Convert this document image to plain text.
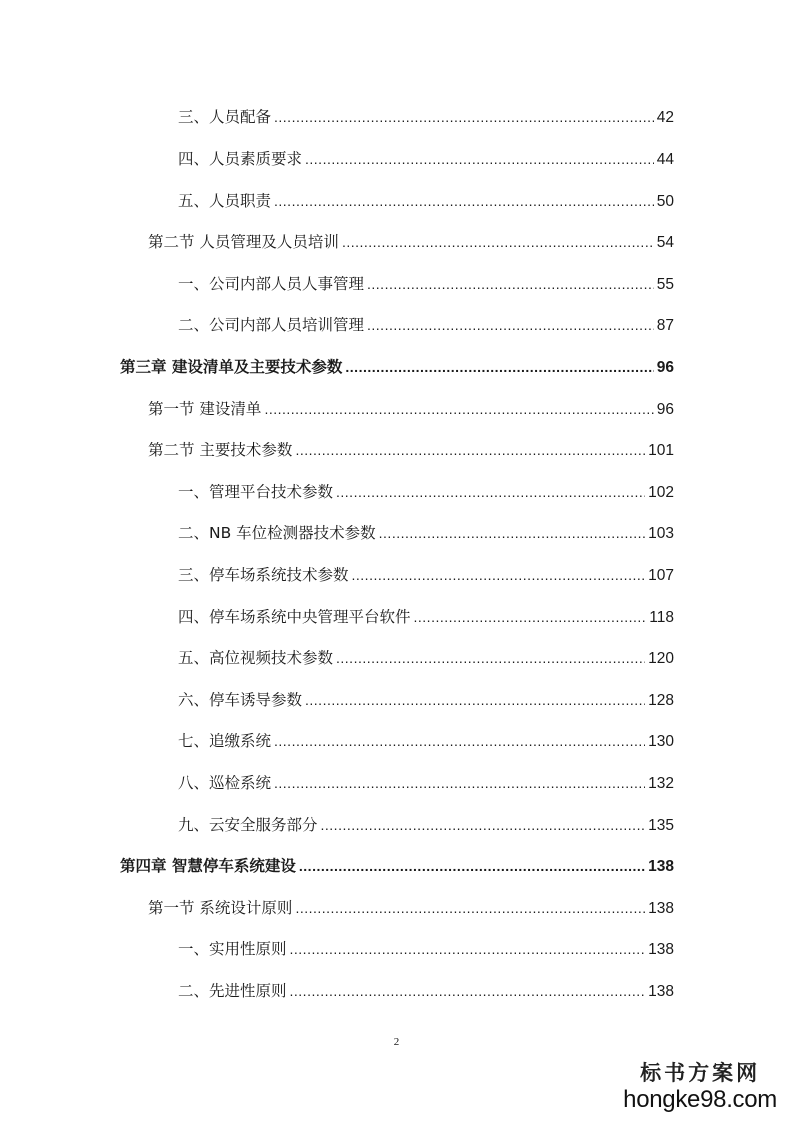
三、人员配备 .....	42
四、人员素质要求 .....	44
五、人员职责 .....	50
第二节 人员管理及人员培训 .....	54
一、公司内部人员人事管理 .....	55
二、公司内部人员培训管理 .....	87
第三章 建设清单及主要技术参数 .....	96
第一节 建设清单 .....	96
第二节 主要技术参数 .....	101
一、管理平台技术参数 .....	102
二、NB 车位检测器技术参数 .....	103
三、停车场系统技术参数 .....	107
四、停车场系统中央管理平台软件 .....	118
五、高位视频技术参数 .....	120
六、停车诱导参数 .....	128
七、追缴系统 .....	130
八、巡检系统 .....	132
九、云安全服务部分 .....	135
第四章 智慧停车系统建设 .....	138
第一节 系统设计原则 .....	138
一、实用性原则 .....	138
二、先进性原则 .....	138
2
标书方案网
hongke98.com
